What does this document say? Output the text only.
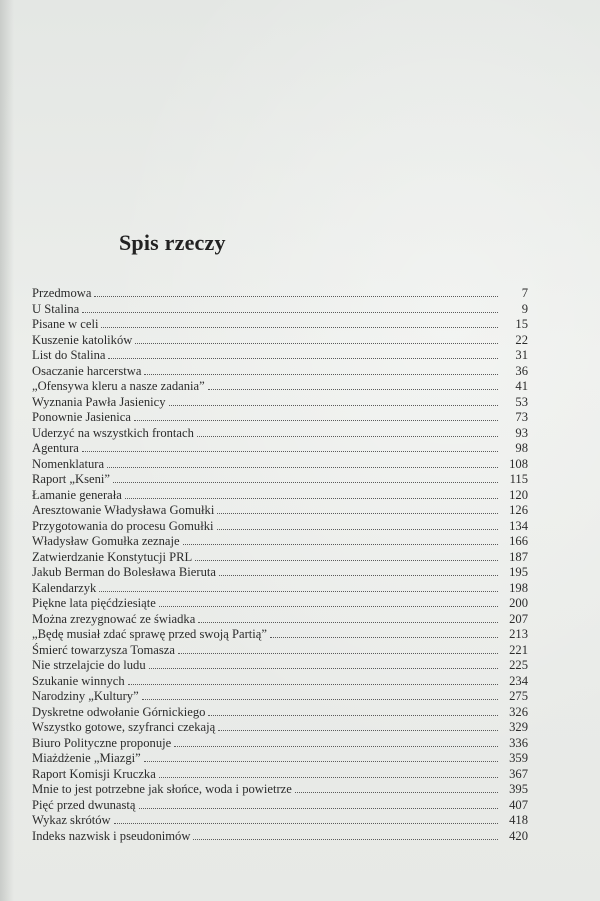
Spis rzeczy
Przedmowa	7
U Stalina	9
Pisane w celi	15
Kuszenie katolików	22
List do Stalina	31
Osaczanie harcerstwa	36
„Ofensywa kleru a nasze zadania”	41
Wyznania Pawła Jasienicy	53
Ponownie Jasienica	73
Uderzyć na wszystkich frontach	93
Agentura	98
Nomenklatura	108
Raport „Kseni”	115
Łamanie generała	120
Aresztowanie Władysława Gomułki	126
Przygotowania do procesu Gomułki	134
Władysław Gomułka zeznaje	166
Zatwierdzanie Konstytucji PRL	187
Jakub Berman do Bolesława Bieruta	195
Kalendarzyk	198
Piękne lata pięćdziesiąte	200
Można zrezygnować ze świadka	207
„Będę musiał zdać sprawę przed swoją Partią”	213
Śmierć towarzysza Tomasza	221
Nie strzelajcie do ludu	225
Szukanie winnych	234
Narodziny „Kultury”	275
Dyskretne odwołanie Górnickiego	326
Wszystko gotowe, szyfranci czekają	329
Biuro Polityczne proponuje	336
Miażdżenie „Miazgi”	359
Raport Komisji Kruczka	367
Mnie to jest potrzebne jak słońce, woda i powietrze	395
Pięć przed dwunastą	407
Wykaz skrótów	418
Indeks nazwisk i pseudonimów	420
